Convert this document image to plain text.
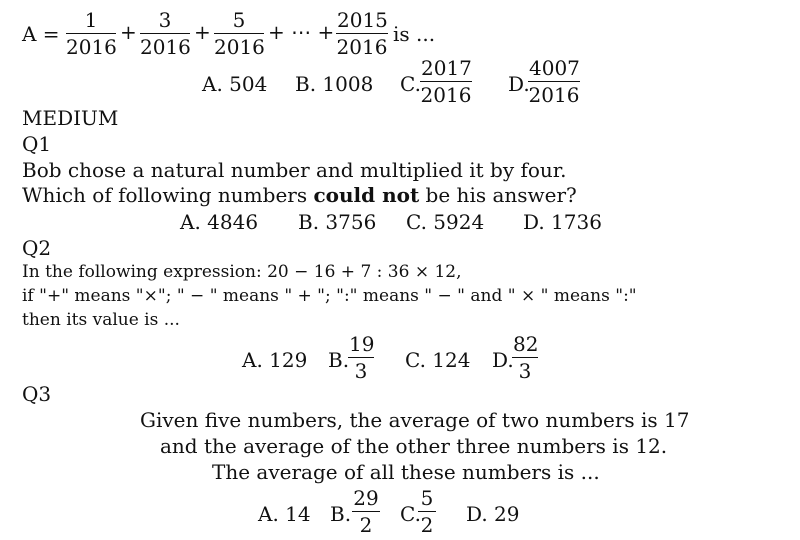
$A = \frac{1}{2016} + \frac{3}{2016} + \frac{5}{2016}$ + ⋯ + $\frac{2015}{2016}$ is ...
A. 504 B. 1008 C. $\frac{2017}{2016} D$.
$\frac{4007}{2016}$
MEDIUM
Q1
Bob chose a natural number and multiplied it by four.
Which of following numbers could not be his answer?
A. 4846 B. 3756 C. 5924 D. 1736
Q2
In the following expression: 20 − 16 + 7 : 36 × 12,
if "+" means "×"; " − " means " + "; ":" means " − " and " × " means ":"
then its value is ...
A. 129 B.
$\frac{19}{3} C$. 124 D.
$\frac{82}{3}$
Q3
Given five numbers, the average of two numbers is 17
and the average of the other three numbers is 12.
The average of all these numbers is ...
A. 14 B. $\frac{29}{2} C$.
$\frac{5}{2} D$. 29
